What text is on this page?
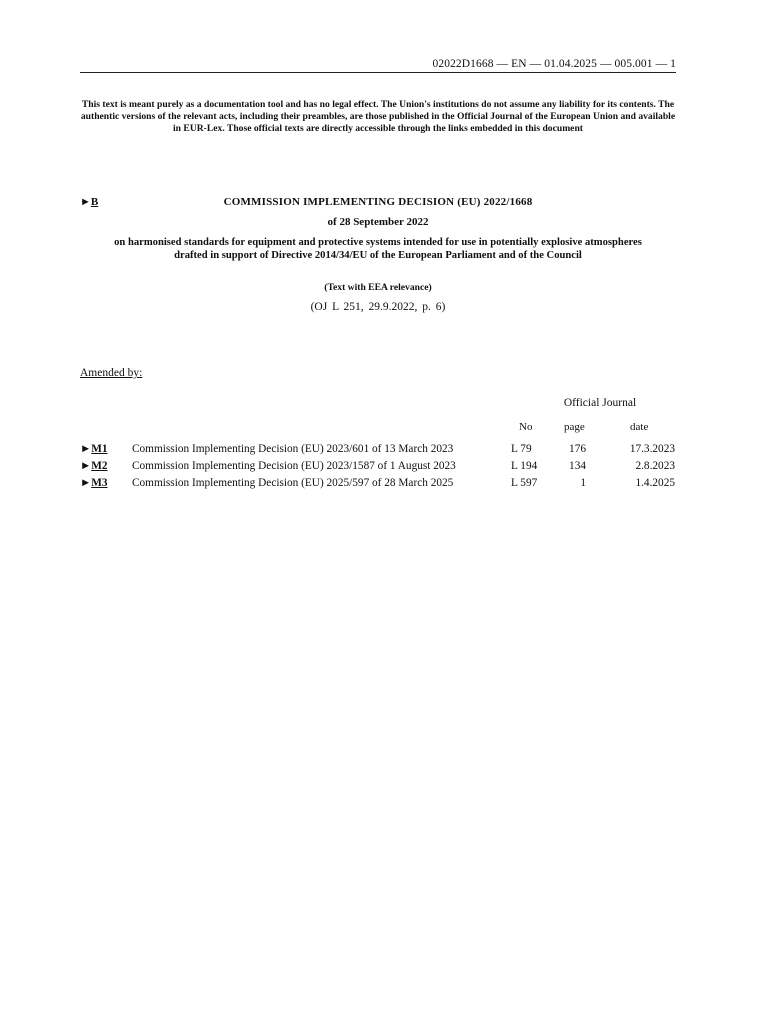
02022D1668 — EN — 01.04.2025 — 005.001 — 1
This text is meant purely as a documentation tool and has no legal effect. The Union's institutions do not assume any liability for its contents. The authentic versions of the relevant acts, including their preambles, are those published in the Official Journal of the European Union and available in EUR-Lex. Those official texts are directly accessible through the links embedded in this document
►B	COMMISSION IMPLEMENTING DECISION (EU) 2022/1668
of 28 September 2022
on harmonised standards for equipment and protective systems intended for use in potentially explosive atmospheres drafted in support of Directive 2014/34/EU of the European Parliament and of the Council
(Text with EEA relevance)
(OJ L 251, 29.9.2022, p. 6)
Amended by:
Official Journal
No	page	date
►M1 Commission Implementing Decision (EU) 2023/601 of 13 March 2023	L 79	176	17.3.2023
►M2 Commission Implementing Decision (EU) 2023/1587 of 1 August 2023	L 194	134	2.8.2023
►M3 Commission Implementing Decision (EU) 2025/597 of 28 March 2025	L 597	1	1.4.2025
